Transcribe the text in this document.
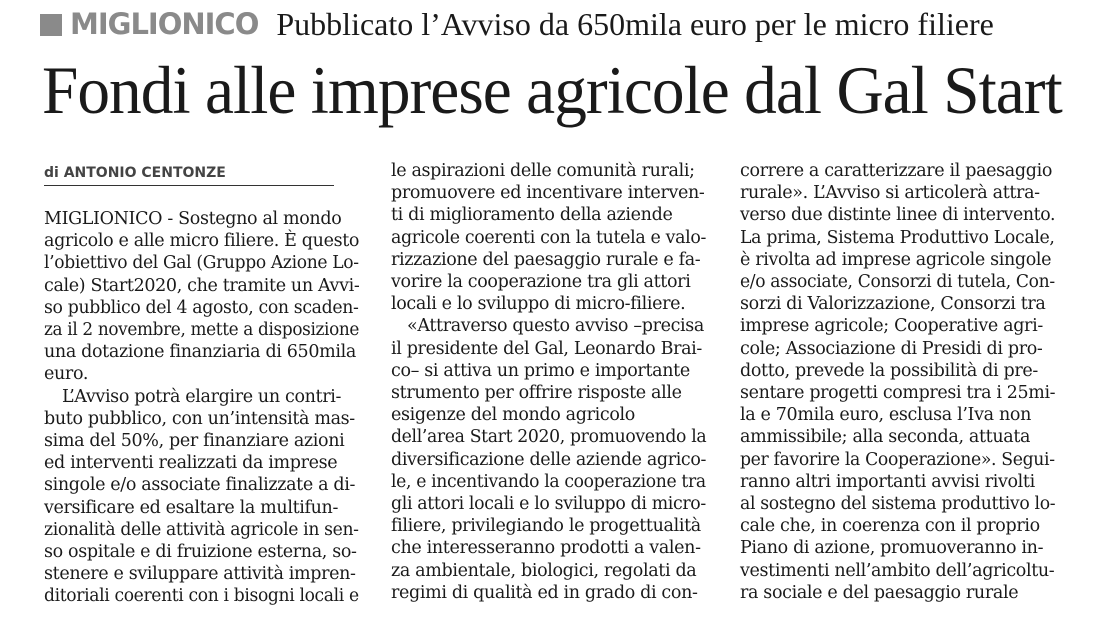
MIGLIONICO Pubblicato l’Avviso da 650mila euro per le micro filiere
Fondi alle imprese agricole dal Gal Start
di ANTONIO CENTONZE
MIGLIONICO - Sostegno al mondo
agricolo e alle micro filiere. È questo
l’obiettivo del Gal (Gruppo Azione Lo-
cale) Start2020, che tramite un Avvi-
so pubblico del 4 agosto, con scaden-
za il 2 novembre, mette a disposizione
una dotazione finanziaria di 650mila
euro.
L’Avviso potrà elargire un contri-
buto pubblico, con un’intensità mas-
sima del 50%, per finanziare azioni
ed interventi realizzati da imprese
singole e/o associate finalizzate a di-
versificare ed esaltare la multifun-
zionalità delle attività agricole in sen-
so ospitale e di fruizione esterna, so-
stenere e sviluppare attività impren-
ditoriali coerenti con i bisogni locali e
le aspirazioni delle comunità rurali;
promuovere ed incentivare interven-
ti di miglioramento della aziende
agricole coerenti con la tutela e valo-
rizzazione del paesaggio rurale e fa-
vorire la cooperazione tra gli attori
locali e lo sviluppo di micro-filiere.
«Attraverso questo avviso –precisa
il presidente del Gal, Leonardo Brai-
co– si attiva un primo e importante
strumento per offrire risposte alle
esigenze del mondo agricolo
dell’area Start 2020, promuovendo la
diversificazione delle aziende agrico-
le, e incentivando la cooperazione tra
gli attori locali e lo sviluppo di micro-
filiere, privilegiando le progettualità
che interesseranno prodotti a valen-
za ambientale, biologici, regolati da
regimi di qualità ed in grado di con-
correre a caratterizzare il paesaggio
rurale». L’Avviso si articolerà attra-
verso due distinte linee di intervento.
La prima, Sistema Produttivo Locale,
è rivolta ad imprese agricole singole
e/o associate, Consorzi di tutela, Con-
sorzi di Valorizzazione, Consorzi tra
imprese agricole; Cooperative agri-
cole; Associazione di Presidi di pro-
dotto, prevede la possibilità di pre-
sentare progetti compresi tra i 25mi-
la e 70mila euro, esclusa l’Iva non
ammissibile; alla seconda, attuata
per favorire la Cooperazione». Segui-
ranno altri importanti avvisi rivolti
al sostegno del sistema produttivo lo-
cale che, in coerenza con il proprio
Piano di azione, promuoveranno in-
vestimenti nell’ambito dell’agricoltu-
ra sociale e del paesaggio rurale
